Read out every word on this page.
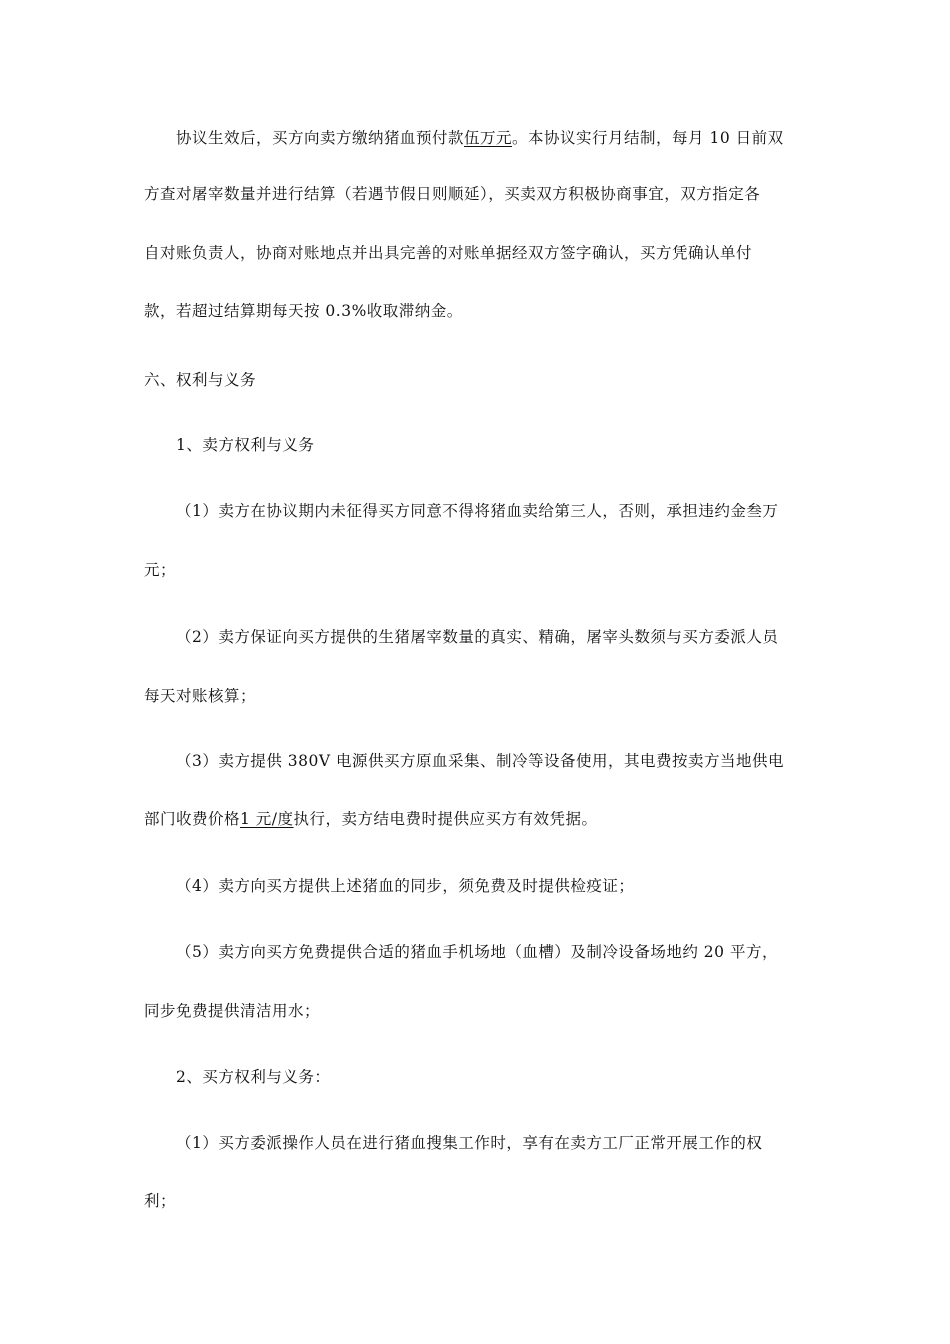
协议生效后，买方向卖方缴纳猪血预付款伍万元。本协议实行月结制，每月 10 日前双
方查对屠宰数量并进行结算（若遇节假日则顺延），买卖双方积极协商事宜，双方指定各
自对账负责人，协商对账地点并出具完善的对账单据经双方签字确认，买方凭确认单付
款，若超过结算期每天按 0.3%收取滞纳金。
六、权利与义务
1、卖方权利与义务
（1）卖方在协议期内未征得买方同意不得将猪血卖给第三人，否则，承担违约金叁万
元；
（2）卖方保证向买方提供的生猪屠宰数量的真实、精确，屠宰头数须与买方委派人员
每天对账核算；
（3）卖方提供 380V 电源供买方原血采集、制冷等设备使用，其电费按卖方当地供电
部门收费价格1 元/度执行，卖方结电费时提供应买方有效凭据。
（4）卖方向买方提供上述猪血的同步，须免费及时提供检疫证；
（5）卖方向买方免费提供合适的猪血手机场地（血槽）及制冷设备场地约 20 平方，
同步免费提供清洁用水；
2、买方权利与义务：
（1）买方委派操作人员在进行猪血搜集工作时，享有在卖方工厂正常开展工作的权
利；
